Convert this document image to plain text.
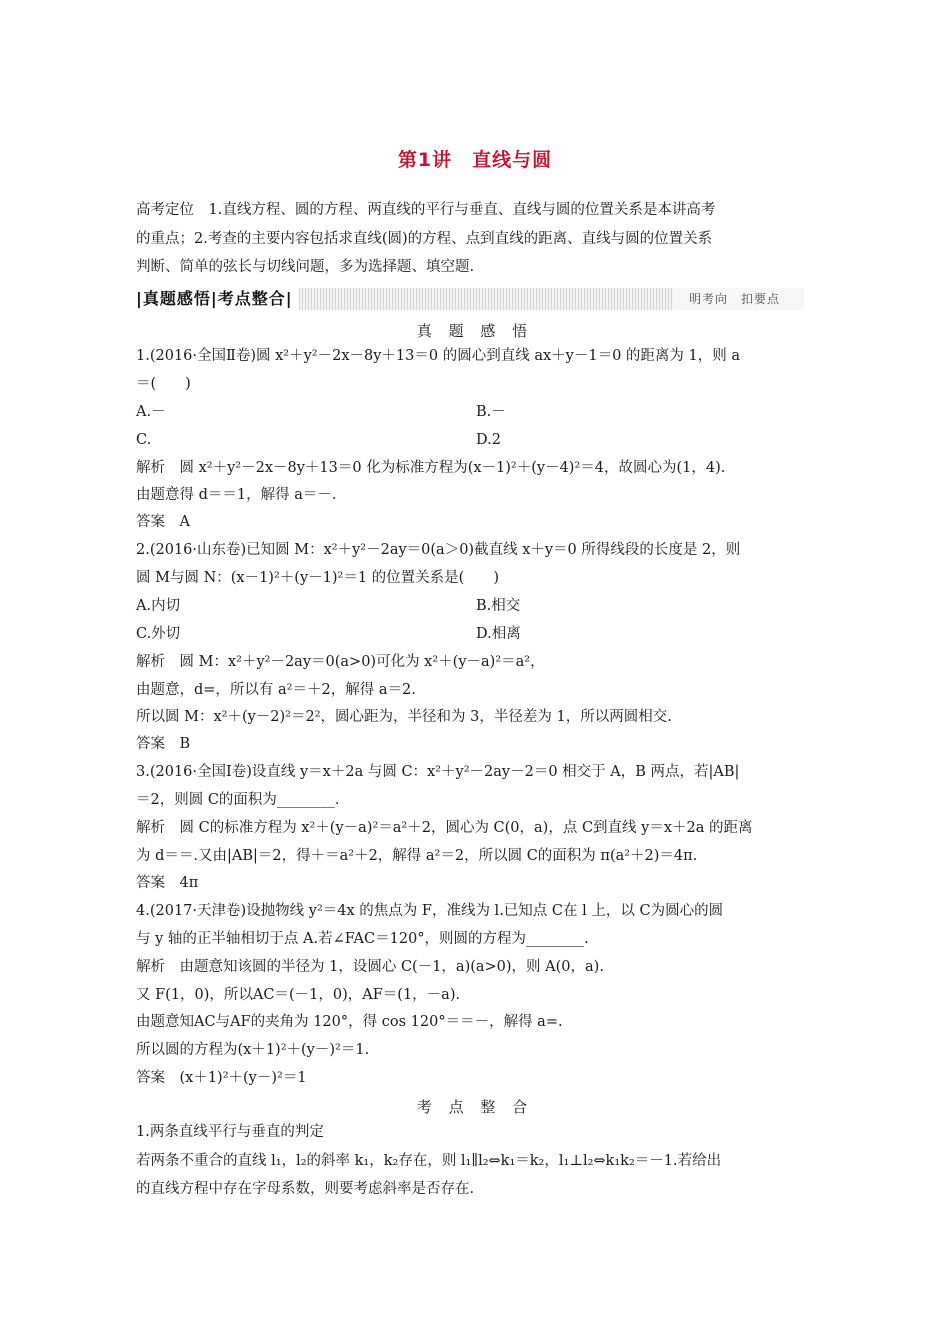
第1讲　直线与圆
高考定位　1.直线方程、圆的方程、两直线的平行与垂直、直线与圆的位置关系是本讲高考
的重点；2.考查的主要内容包括求直线(圆)的方程、点到直线的距离、直线与圆的位置关系
判断、简单的弦长与切线问题，多为选择题、填空题.
|真题感悟|考点整合|	明考向　扣要点
真 题 感 悟
1.(2016·全国Ⅱ卷)圆 x²＋y²－2x－8y＋13＝0 的圆心到直线 ax＋y－1＝0 的距离为 1，则 a
＝(　　)
A.－	B.－
C.	D.2
解析　圆 x²＋y²－2x－8y＋13＝0 化为标准方程为(x－1)²＋(y－4)²＝4，故圆心为(1，4).
由题意得 d＝＝1，解得 a＝－.
答案　A
2.(2016·山东卷)已知圆 M：x²＋y²－2ay＝0(a＞0)截直线 x＋y＝0 所得线段的长度是 2，则
圆 M与圆 N：(x－1)²＋(y－1)²＝1 的位置关系是(　　)
A.内切	B.相交
C.外切	D.相离
解析　圆 M：x²＋y²－2ay＝0(a>0)可化为 x²＋(y－a)²＝a²，
由题意，d=，所以有 a²＝＋2，解得 a＝2.
所以圆 M：x²＋(y－2)²＝2²，圆心距为，半径和为 3，半径差为 1，所以两圆相交.
答案　B
3.(2016·全国Ⅰ卷)设直线 y＝x＋2a 与圆 C：x²＋y²－2ay－2＝0 相交于 A，B 两点，若|AB|
＝2，则圆 C的面积为________.
解析　圆 C的标准方程为 x²＋(y－a)²＝a²＋2，圆心为 C(0，a)，点 C到直线 y＝x＋2a 的距离
为 d＝＝.又由|AB|＝2，得＋＝a²＋2，解得 a²＝2，所以圆 C的面积为 π(a²＋2)＝4π.
答案　4π
4.(2017·天津卷)设抛物线 y²＝4x 的焦点为 F，准线为 l.已知点 C在 l 上，以 C为圆心的圆
与 y 轴的正半轴相切于点 A.若∠FAC＝120°，则圆的方程为________.
解析　由题意知该圆的半径为 1，设圆心 C(－1，a)(a>0)，则 A(0，a).
又 F(1，0)，所以AC＝(－1，0)，AF＝(1，－a).
由题意知AC与AF的夹角为 120°，得 cos 120°＝＝－，解得 a=.
所以圆的方程为(x＋1)²＋(y－)²＝1.
答案　(x＋1)²＋(y－)²＝1
考 点 整 合
1.两条直线平行与垂直的判定
若两条不重合的直线 l₁，l₂的斜率 k₁，k₂存在，则 l₁∥l₂⇔k₁＝k₂，l₁⊥l₂⇔k₁k₂＝－1.若给出
的直线方程中存在字母系数，则要考虑斜率是否存在.
